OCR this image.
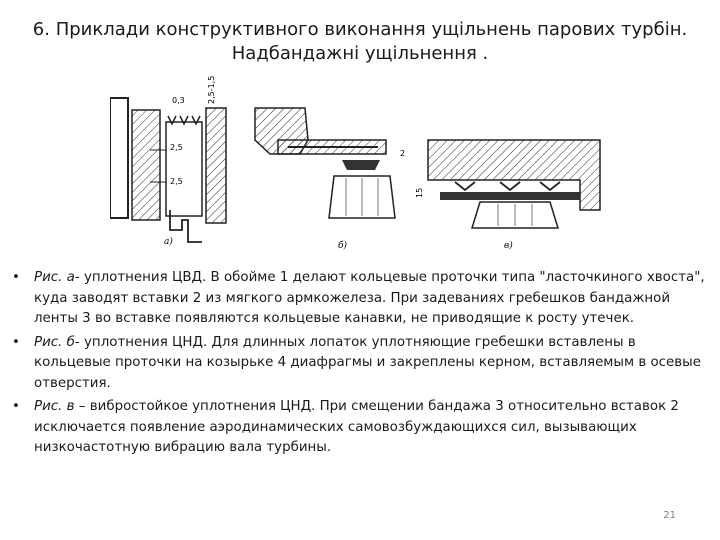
6. Приклади конструктивного виконання ущільнень парових турбін.
Надбандажні ущільнення .
0,3
2,5
2,5
2,5-1,5
а)
2
б)
15
в)
• Рис. а- уплотнения ЦВД. В обойме 1 делают кольцевые проточки типа "ласточкиного хвоста", куда заводят вставки 2 из мягкого армкожелеза. При задеваниях гребешков бандажной ленты 3 во вставке появляются кольцевые канавки, не приводящие к росту утечек.
• Рис. б- уплотнения ЦНД. Для длинных лопаток уплотняющие гребешки вставлены в кольцевые проточки на козырьке 4 диафрагмы и закреплены керном, вставляемым в осевые отверстия.
• Рис. в – вибростойкое уплотнения ЦНД. При смещении бандажа 3 относительно вставок 2 исключается появление аэродинамических самовозбуждающихся сил, вызывающих низкочастотную вибрацию вала турбины.
21
